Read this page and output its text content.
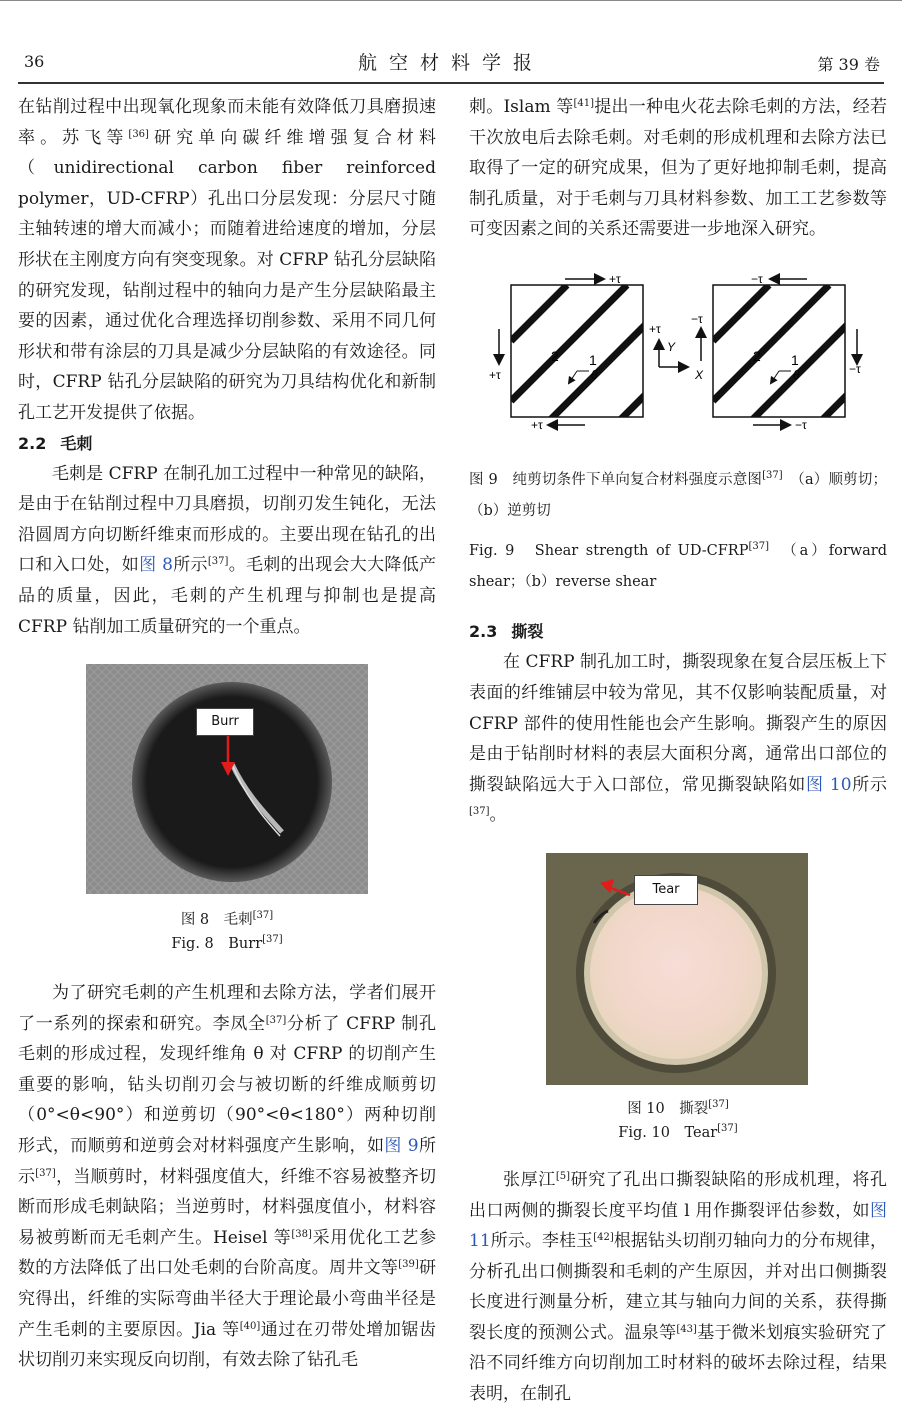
36	航空材料学报	第 39 卷

在钻削过程中出现氧化现象而未能有效降低刀具磨损速率。苏飞等[36]研究单向碳纤维增强复合材料（unidirectional carbon fiber reinforced polymer，UD-CFRP）孔出口分层发现：分层尺寸随主轴转速的增大而减小；而随着进给速度的增加，分层形状在主刚度方向有突变现象。对 CFRP 钻孔分层缺陷的研究发现，钻削过程中的轴向力是产生分层缺陷最主要的因素，通过优化合理选择切削参数、采用不同几何形状和带有涂层的刀具是减少分层缺陷的有效途径。同时，CFRP 钻孔分层缺陷的研究为刀具结构优化和新制孔工艺开发提供了依据。

2.2 毛刺

毛刺是 CFRP 在制孔加工过程中一种常见的缺陷，是由于在钻削过程中刀具磨损，切削刃发生钝化，无法沿圆周方向切断纤维束而形成的。主要出现在钻孔的出口和入口处，如图 8所示[37]。毛刺的出现会大大降低产品的质量，因此，毛刺的产生机理与抑制也是提高 CFRP 钻削加工质量研究的一个重点。

Burr
图 8　毛刺[37]
Fig. 8　Burr[37]

为了研究毛刺的产生机理和去除方法，学者们展开了一系列的探索和研究。李凤全[37]分析了 CFRP 制孔毛刺的形成过程，发现纤维角 θ 对 CFRP 的切削产生重要的影响，钻头切削刃会与被切断的纤维成顺剪切（0°<θ<90°）和逆剪切（90°<θ<180°）两种切削形式，而顺剪和逆剪会对材料强度产生影响，如图 9所示[37]，当顺剪时，材料强度值大，纤维不容易被整齐切断而形成毛刺缺陷；当逆剪时，材料强度值小，材料容易被剪断而无毛刺产生。Heisel 等[38]采用优化工艺参数的方法降低了出口处毛刺的台阶高度。周井文等[39]研究得出，纤维的实际弯曲半径大于理论最小弯曲半径是产生毛刺的主要原因。Jia 等[40]通过在刃带处增加锯齿状切削刃来实现反向切削，有效去除了钻孔毛

刺。Islam 等[41]提出一种电火花去除毛刺的方法，经若干次放电后去除毛刺。对毛刺的形成机理和去除方法已取得了一定的研究成果，但为了更好地抑制毛刺，提高制孔质量，对于毛刺与刀具材料参数、加工工艺参数等可变因素之间的关系还需要进一步地深入研究。

+τ
+τ
+τ
2 1
θ
Y
X
+τ
−τ
−τ
−τ
−τ
2 1
θ

图 9　纯剪切条件下单向复合材料强度示意图[37]　 （a）顺剪切；（b）逆剪切

Fig. 9　Shear strength of UD-CFRP[37]　 （a）forward shear；（b）reverse shear

2.3 撕裂

在 CFRP 制孔加工时，撕裂现象在复合层压板上下表面的纤维铺层中较为常见，其不仅影响装配质量，对 CFRP 部件的使用性能也会产生影响。撕裂产生的原因是由于钻削时材料的表层大面积分离，通常出口部位的撕裂缺陷远大于入口部位，常见撕裂缺陷如图 10所示[37]。

Tear
图 10　撕裂[37]
Fig. 10　Tear[37]

张厚江[5]研究了孔出口撕裂缺陷的形成机理，将孔出口两侧的撕裂长度平均值 l 用作撕裂评估参数，如图 11所示。李桂玉[42]根据钻头切削刃轴向力的分布规律，分析孔出口侧撕裂和毛刺的产生原因，并对出口侧撕裂长度进行测量分析，建立其与轴向力间的关系，获得撕裂长度的预测公式。温泉等[43]基于微米划痕实验研究了沿不同纤维方向切削加工时材料的破坏去除过程，结果表明，在制孔
